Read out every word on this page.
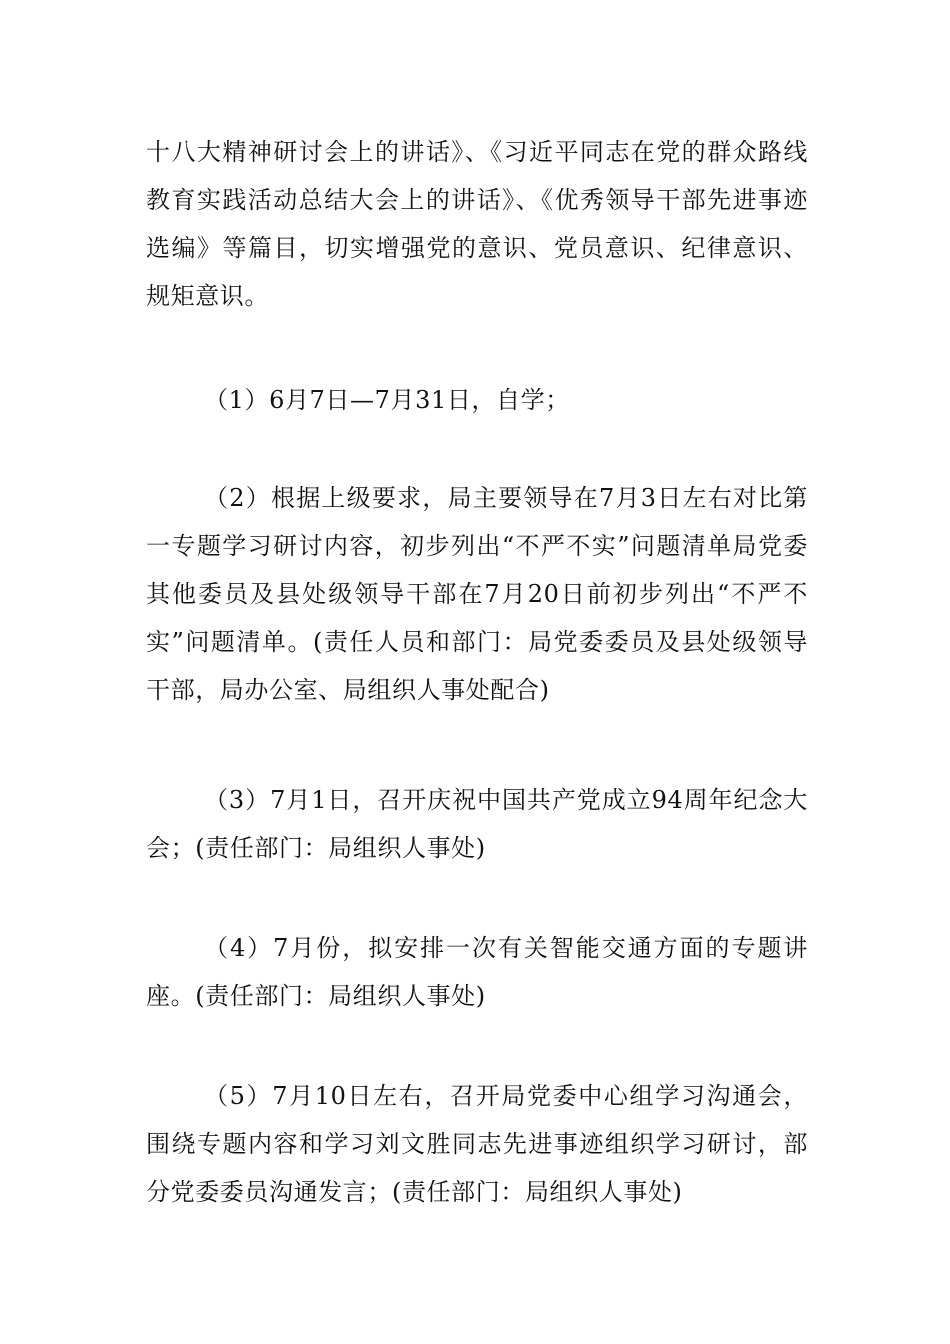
十八大精神研讨会上的讲话》、《习近平同志在党的群众路线教育实践活动总结大会上的讲话》、《优秀领导干部先进事迹选编》等篇目，切实增强党的意识、党员意识、纪律意识、规矩意识。

（1）6月7日—7月31日，自学；

（2）根据上级要求，局主要领导在7月3日左右对比第一专题学习研讨内容，初步列出“不严不实”问题清单局党委其他委员及县处级领导干部在7月20日前初步列出“不严不实”问题清单。(责任人员和部门：局党委委员及县处级领导干部，局办公室、局组织人事处配合)

（3）7月1日，召开庆祝中国共产党成立94周年纪念大会；(责任部门：局组织人事处)

（4）7月份，拟安排一次有关智能交通方面的专题讲座。(责任部门：局组织人事处)

（5）7月10日左右，召开局党委中心组学习沟通会，围绕专题内容和学习刘文胜同志先进事迹组织学习研讨，部分党委委员沟通发言；(责任部门：局组织人事处)
